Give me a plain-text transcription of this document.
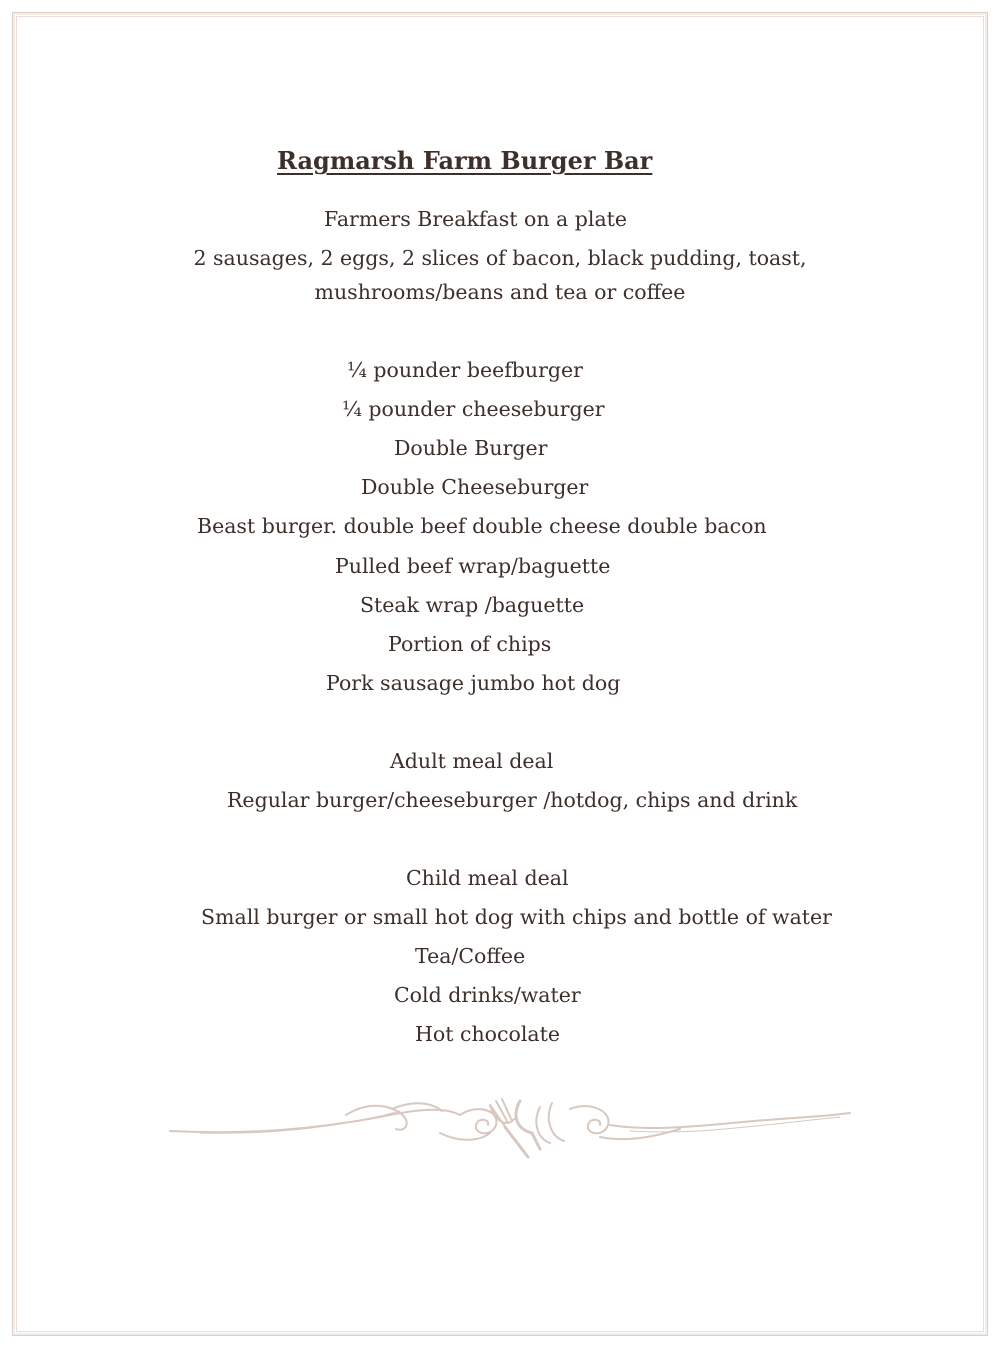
Ragmarsh Farm Burger Bar
Farmers Breakfast on a plate
2 sausages, 2 eggs, 2 slices of bacon, black pudding, toast,
mushrooms/beans and tea or coffee
¼ pounder beefburger
¼ pounder cheeseburger
Double Burger
Double Cheeseburger
Beast burger. double beef double cheese double bacon
Pulled beef wrap/baguette
Steak wrap /baguette
Portion of chips
Pork sausage jumbo hot dog
Adult meal deal
Regular burger/cheeseburger /hotdog, chips and drink
Child meal deal
Small burger or small hot dog with chips and bottle of water
Tea/Coffee
Cold drinks/water
Hot chocolate
